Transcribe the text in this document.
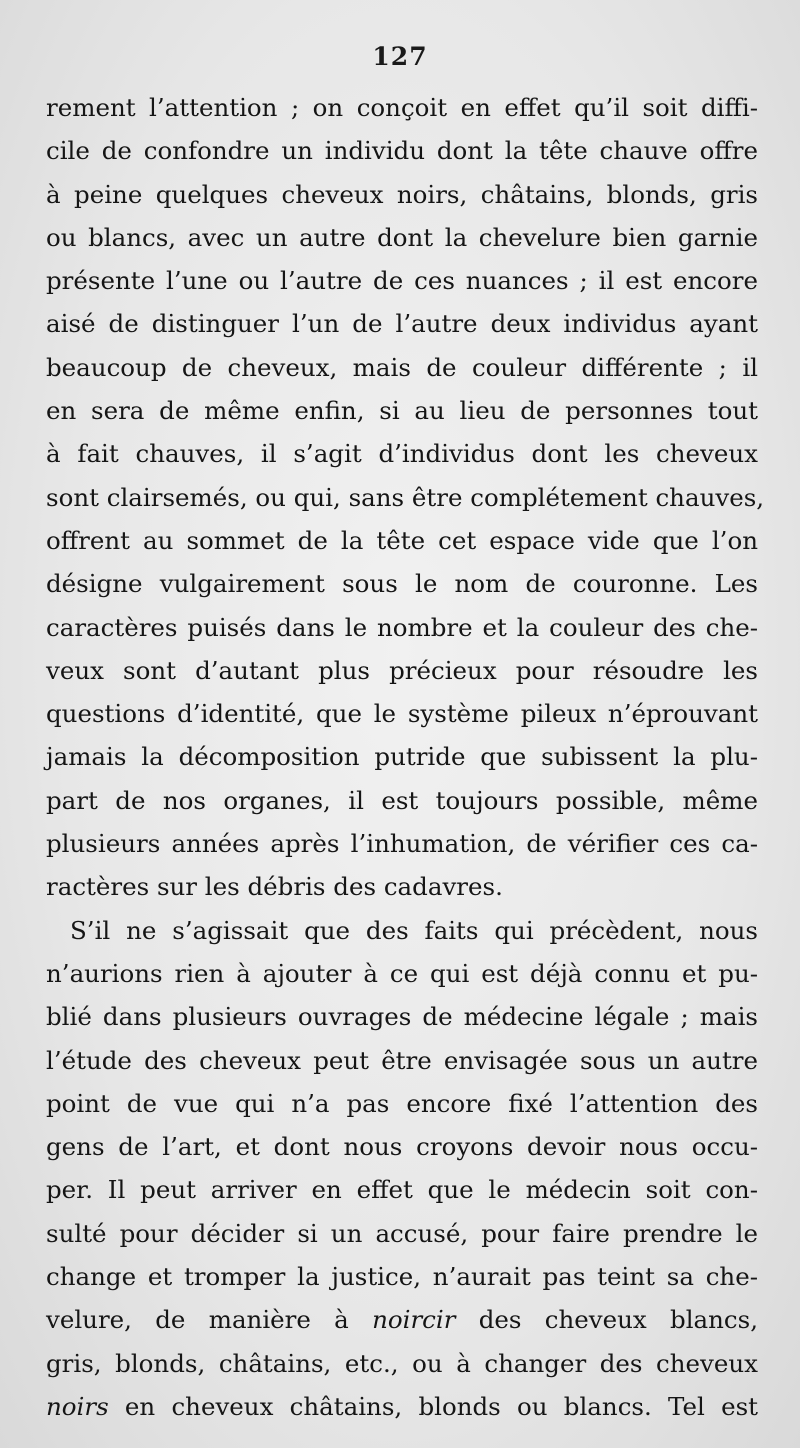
127
rement l’attention ; on conçoit en effet qu’il soit diffi-
cile de confondre un individu dont la tête chauve offre
à peine quelques cheveux noirs, châtains, blonds, gris
ou blancs, avec un autre dont la chevelure bien garnie
présente l’une ou l’autre de ces nuances ; il est encore
aisé de distinguer l’un de l’autre deux individus ayant
beaucoup de cheveux, mais de couleur différente ; il
en sera de même enfin, si au lieu de personnes tout
à fait chauves, il s’agit d’individus dont les cheveux
sont clairsemés, ou qui, sans être complétement chauves,
offrent au sommet de la tête cet espace vide que l’on
désigne vulgairement sous le nom de couronne. Les
caractères puisés dans le nombre et la couleur des che-
veux sont d’autant plus précieux pour résoudre les
questions d’identité, que le système pileux n’éprouvant
jamais la décomposition putride que subissent la plu-
part de nos organes, il est toujours possible, même
plusieurs années après l’inhumation, de vérifier ces ca-
ractères sur les débris des cadavres.
S’il ne s’agissait que des faits qui précèdent, nous
n’aurions rien à ajouter à ce qui est déjà connu et pu-
blié dans plusieurs ouvrages de médecine légale ; mais
l’étude des cheveux peut être envisagée sous un autre
point de vue qui n’a pas encore fixé l’attention des
gens de l’art, et dont nous croyons devoir nous occu-
per. Il peut arriver en effet que le médecin soit con-
sulté pour décider si un accusé, pour faire prendre le
change et tromper la justice, n’aurait pas teint sa che-
velure, de manière à noircir des cheveux blancs,
gris, blonds, châtains, etc., ou à changer des cheveux
noirs en cheveux châtains, blonds ou blancs. Tel est
